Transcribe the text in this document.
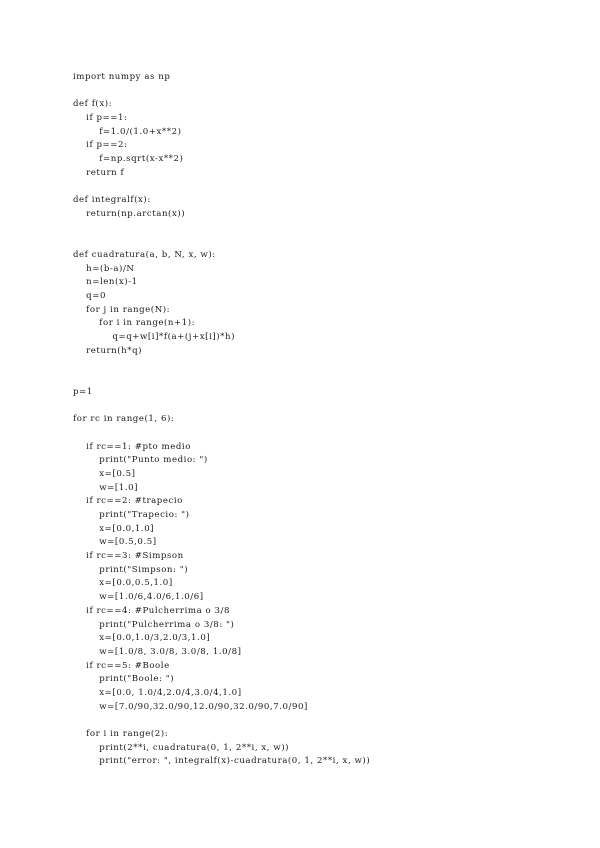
import numpy as np
def f(x):
if p==1:
f=1.0/(1.0+x**2)
if p==2:
f=np.sqrt(x-x**2)
return f
def integralf(x):
return(np.arctan(x))
def cuadratura(a, b, N, x, w):
h=(b-a)/N
n=len(x)-1
q=0
for j in range(N):
for i in range(n+1):
q=q+w[i]*f(a+(j+x[i])*h)
return(h*q)
p=1
for rc in range(1, 6):
if rc==1: #pto medio
print("Punto medio: ")
x=[0.5]
w=[1.0]
if rc==2: #trapecio
print("Trapecio: ")
x=[0.0,1.0]
w=[0.5,0.5]
if rc==3: #Simpson
print("Simpson: ")
x=[0.0,0.5,1.0]
w=[1.0/6,4.0/6,1.0/6]
if rc==4: #Pulcherrima o 3/8
print("Pulcherrima o 3/8: ")
x=[0.0,1.0/3,2.0/3,1.0]
w=[1.0/8, 3.0/8, 3.0/8, 1.0/8]
if rc==5: #Boole
print("Boole: ")
x=[0.0, 1.0/4,2.0/4,3.0/4,1.0]
w=[7.0/90,32.0/90,12.0/90,32.0/90,7.0/90]
for i in range(2):
print(2**i, cuadratura(0, 1, 2**i, x, w))
print("error: ", integralf(x)-cuadratura(0, 1, 2**i, x, w))
